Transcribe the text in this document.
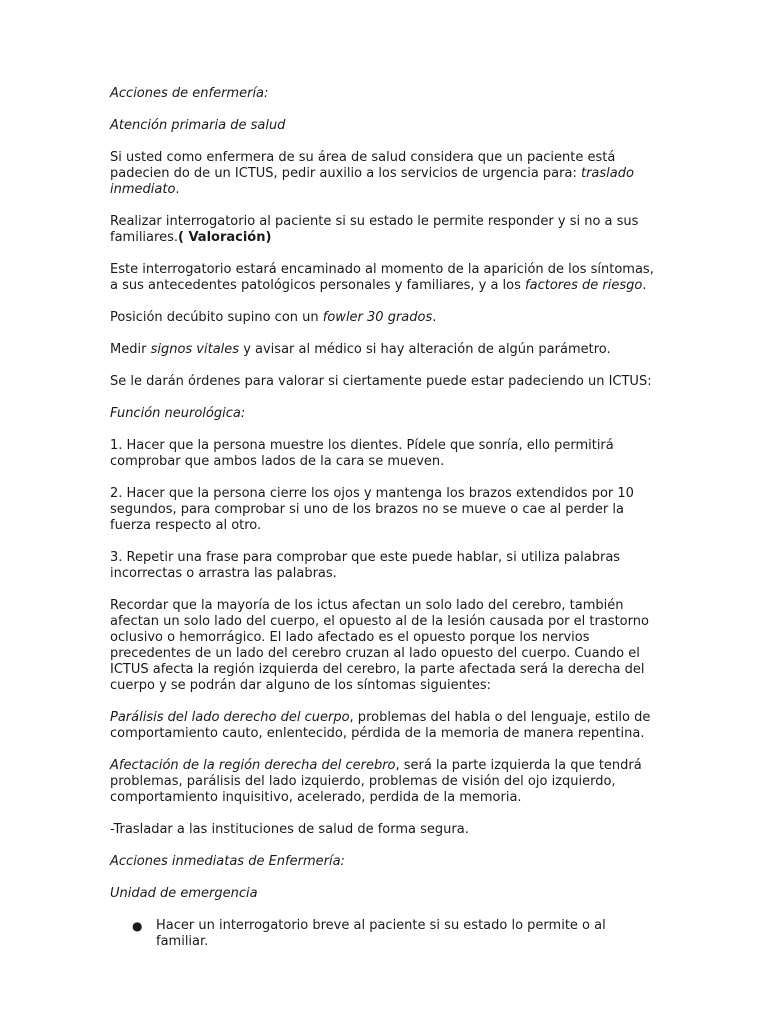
Acciones de enfermería:

Atención primaria de salud

Si usted como enfermera de su área de salud considera que un paciente está padecien do de un ICTUS, pedir auxilio a los servicios de urgencia para: traslado inmediato.

Realizar interrogatorio al paciente si su estado le permite responder y si no a sus familiares.( Valoración)

Este interrogatorio estará encaminado al momento de la aparición de los síntomas, a sus antecedentes patológicos personales y familiares, y a los factores de riesgo.

Posición decúbito supino con un fowler 30 grados.

Medir signos vitales y avisar al médico si hay alteración de algún parámetro.

Se le darán órdenes para valorar si ciertamente puede estar padeciendo un ICTUS:

Función neurológica:

1. Hacer que la persona muestre los dientes. Pídele que sonría, ello permitirá comprobar que ambos lados de la cara se mueven.

2. Hacer que la persona cierre los ojos y mantenga los brazos extendidos por 10 segundos, para comprobar si uno de los brazos no se mueve o cae al perder la fuerza respecto al otro.

3. Repetir una frase para comprobar que este puede hablar, si utiliza palabras incorrectas o arrastra las palabras.

Recordar que la mayoría de los ictus afectan un solo lado del cerebro, también afectan un solo lado del cuerpo, el opuesto al de la lesión causada por el trastorno oclusivo o hemorrágico. El lado afectado es el opuesto porque los nervios precedentes de un lado del cerebro cruzan al lado opuesto del cuerpo. Cuando el ICTUS afecta la región izquierda del cerebro, la parte afectada será la derecha del cuerpo y se podrán dar alguno de los síntomas siguientes:

Parálisis del lado derecho del cuerpo, problemas del habla o del lenguaje, estilo de comportamiento cauto, enlentecido, pérdida de la memoria de manera repentina.

Afectación de la región derecha del cerebro, será la parte izquierda la que tendrá problemas, parálisis del lado izquierdo, problemas de visión del ojo izquierdo, comportamiento inquisitivo, acelerado, perdida de la memoria.

-Trasladar a las instituciones de salud de forma segura.

Acciones inmediatas de Enfermería:

Unidad de emergencia

● Hacer un interrogatorio breve al paciente si su estado lo permite o al familiar.
